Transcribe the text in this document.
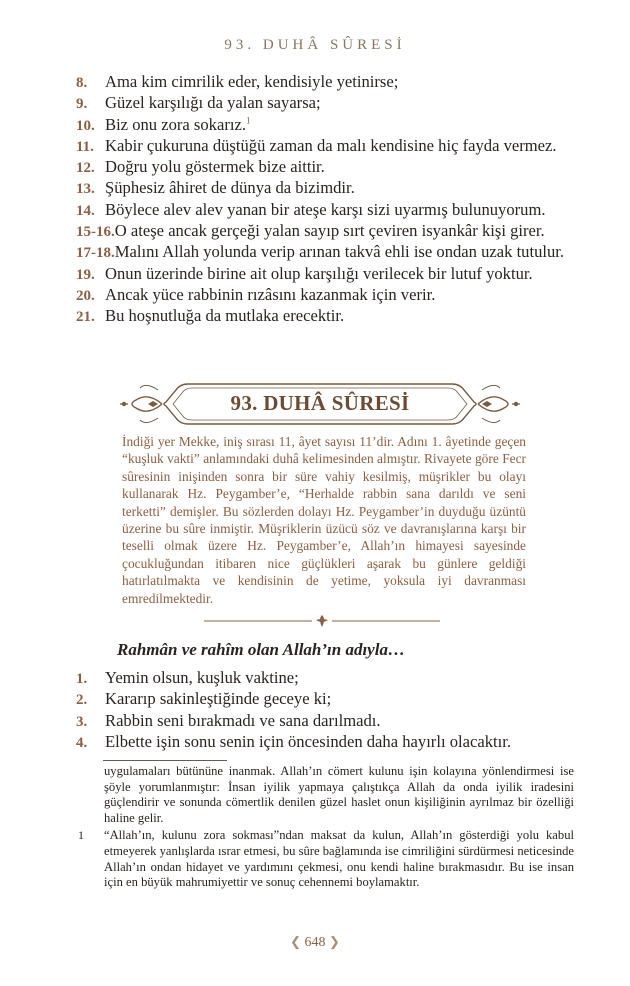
93. DUHÂ SÛRESİ
8. Ama kim cimrilik eder, kendisiyle yetinirse;
9. Güzel karşılığı da yalan sayarsa;
10. Biz onu zora sokarız.$^1$
11. Kabir çukuruna düştüğü zaman da malı kendisine hiç fayda vermez.
12. Doğru yolu göstermek bize aittir.
13. Şüphesiz âhiret de dünya da bizimdir.
14. Böylece alev alev yanan bir ateşe karşı sizi uyarmış bulunuyorum.
15-16.O ateşe ancak gerçeği yalan sayıp sırt çeviren isyankâr kişi girer.
17-18.Malını Allah yolunda verip arınan takvâ ehli ise ondan uzak tutulur.
19. Onun üzerinde birine ait olup karşılığı verilecek bir lutuf yoktur.
20. Ancak yüce rabbinin rızâsını kazanmak için verir.
21. Bu hoşnutluğa da mutlaka erecektir.
93. DUHÂ SÛRESİ
İndiği yer Mekke, iniş sırası 11, âyet sayısı 11’dir. Adını 1. âyetinde geçen “kuşluk vakti” anlamındaki duhâ kelimesinden almıştır. Rivayete göre Fecr sûresinin inişinden sonra bir süre vahiy kesilmiş, müşrikler bu olayı kullanarak Hz. Peygamber’e, “Herhalde rabbin sana darıldı ve seni terketti” demişler. Bu sözlerden dolayı Hz. Peygamber’in duyduğu üzüntü üzerine bu sûre inmiştir. Müşriklerin üzücü söz ve davranışlarına karşı bir teselli olmak üzere Hz. Peygamber’e, Allah’ın himayesi sayesinde çocukluğundan itibaren nice güçlükleri aşarak bu günlere geldiği hatırlatılmakta ve kendisinin de yetime, yoksula iyi davranması emredilmektedir.
Rahmân ve rahîm olan Allah’ın adıyla…
1. Yemin olsun, kuşluk vaktine;
2. Kararıp sakinleştiğinde geceye ki;
3. Rabbin seni bırakmadı ve sana darılmadı.
4. Elbette işin sonu senin için öncesinden daha hayırlı olacaktır.
uygulamaları bütününe inanmak. Allah’ın cömert kulunu işin kolayına yönlendirmesi ise şöyle yorumlanmıştır: İnsan iyilik yapmaya çalıştıkça Allah da onda iyilik iradesini güçlendirir ve sonunda cömertlik denilen güzel haslet onun kişiliğinin ayrılmaz bir özelliği haline gelir.
1 “Allah’ın, kulunu zora sokması”ndan maksat da kulun, Allah’ın gösterdiği yolu kabul etmeyerek yanlışlarda ısrar etmesi, bu sûre bağlamında ise cimriliğini sürdürmesi neticesinde Allah’ın ondan hidayet ve yardımını çekmesi, onu kendi haline bırakmasıdır. Bu ise insan için en büyük mahrumiyettir ve sonuç cehennemi boylamaktır.
❮ 648 ❯
